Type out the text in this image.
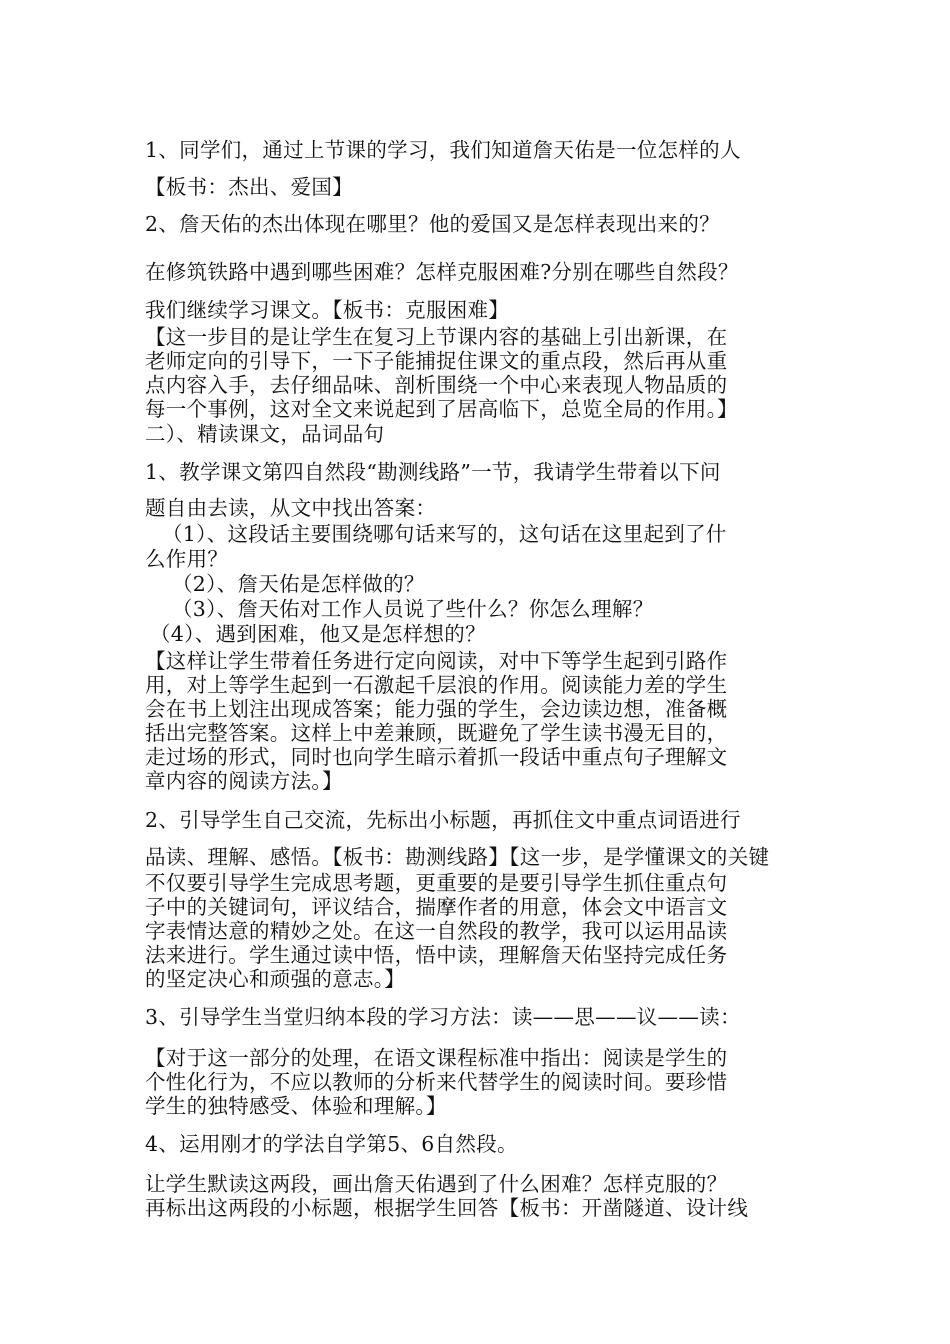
1、同学们，通过上节课的学习，我们知道詹天佑是一位怎样的人
【板书：杰出、爱国】
2、詹天佑的杰出体现在哪里？他的爱国又是怎样表现出来的？
在修筑铁路中遇到哪些困难？怎样克服困难?分别在哪些自然段？
我们继续学习课文。【板书：克服困难】
【这一步目的是让学生在复习上节课内容的基础上引出新课，在
老师定向的引导下，一下子能捕捉住课文的重点段，然后再从重
点内容入手，去仔细品味、剖析围绕一个中心来表现人物品质的
每一个事例，这对全文来说起到了居高临下，总览全局的作用。】
二）、精读课文，品词品句
1、教学课文第四自然段“勘测线路”一节，我请学生带着以下问
题自由去读，从文中找出答案：
（1）、这段话主要围绕哪句话来写的，这句话在这里起到了什
么作用？
（2）、詹天佑是怎样做的？
（3）、詹天佑对工作人员说了些什么？你怎么理解？
（4）、遇到困难，他又是怎样想的？
【这样让学生带着任务进行定向阅读，对中下等学生起到引路作
用，对上等学生起到一石激起千层浪的作用。阅读能力差的学生
会在书上划注出现成答案；能力强的学生，会边读边想，准备概
括出完整答案。这样上中差兼顾，既避免了学生读书漫无目的，
走过场的形式，同时也向学生暗示着抓一段话中重点句子理解文
章内容的阅读方法。】
2、引导学生自己交流，先标出小标题，再抓住文中重点词语进行
品读、理解、感悟。【板书：勘测线路】【这一步，是学懂课文的关键
不仅要引导学生完成思考题，更重要的是要引导学生抓住重点句
子中的关键词句，评议结合，揣摩作者的用意，体会文中语言文
字表情达意的精妙之处。在这一自然段的教学，我可以运用品读
法来进行。学生通过读中悟，悟中读，理解詹天佑坚持完成任务
的坚定决心和顽强的意志。】
3、引导学生当堂归纳本段的学习方法：读——思——议——读：
【对于这一部分的处理，在语文课程标准中指出：阅读是学生的
个性化行为，不应以教师的分析来代替学生的阅读时间。要珍惜
学生的独特感受、体验和理解。】
4、运用刚才的学法自学第5、6自然段。
让学生默读这两段，画出詹天佑遇到了什么困难？怎样克服的？
再标出这两段的小标题，根据学生回答【板书：开凿隧道、设计线
